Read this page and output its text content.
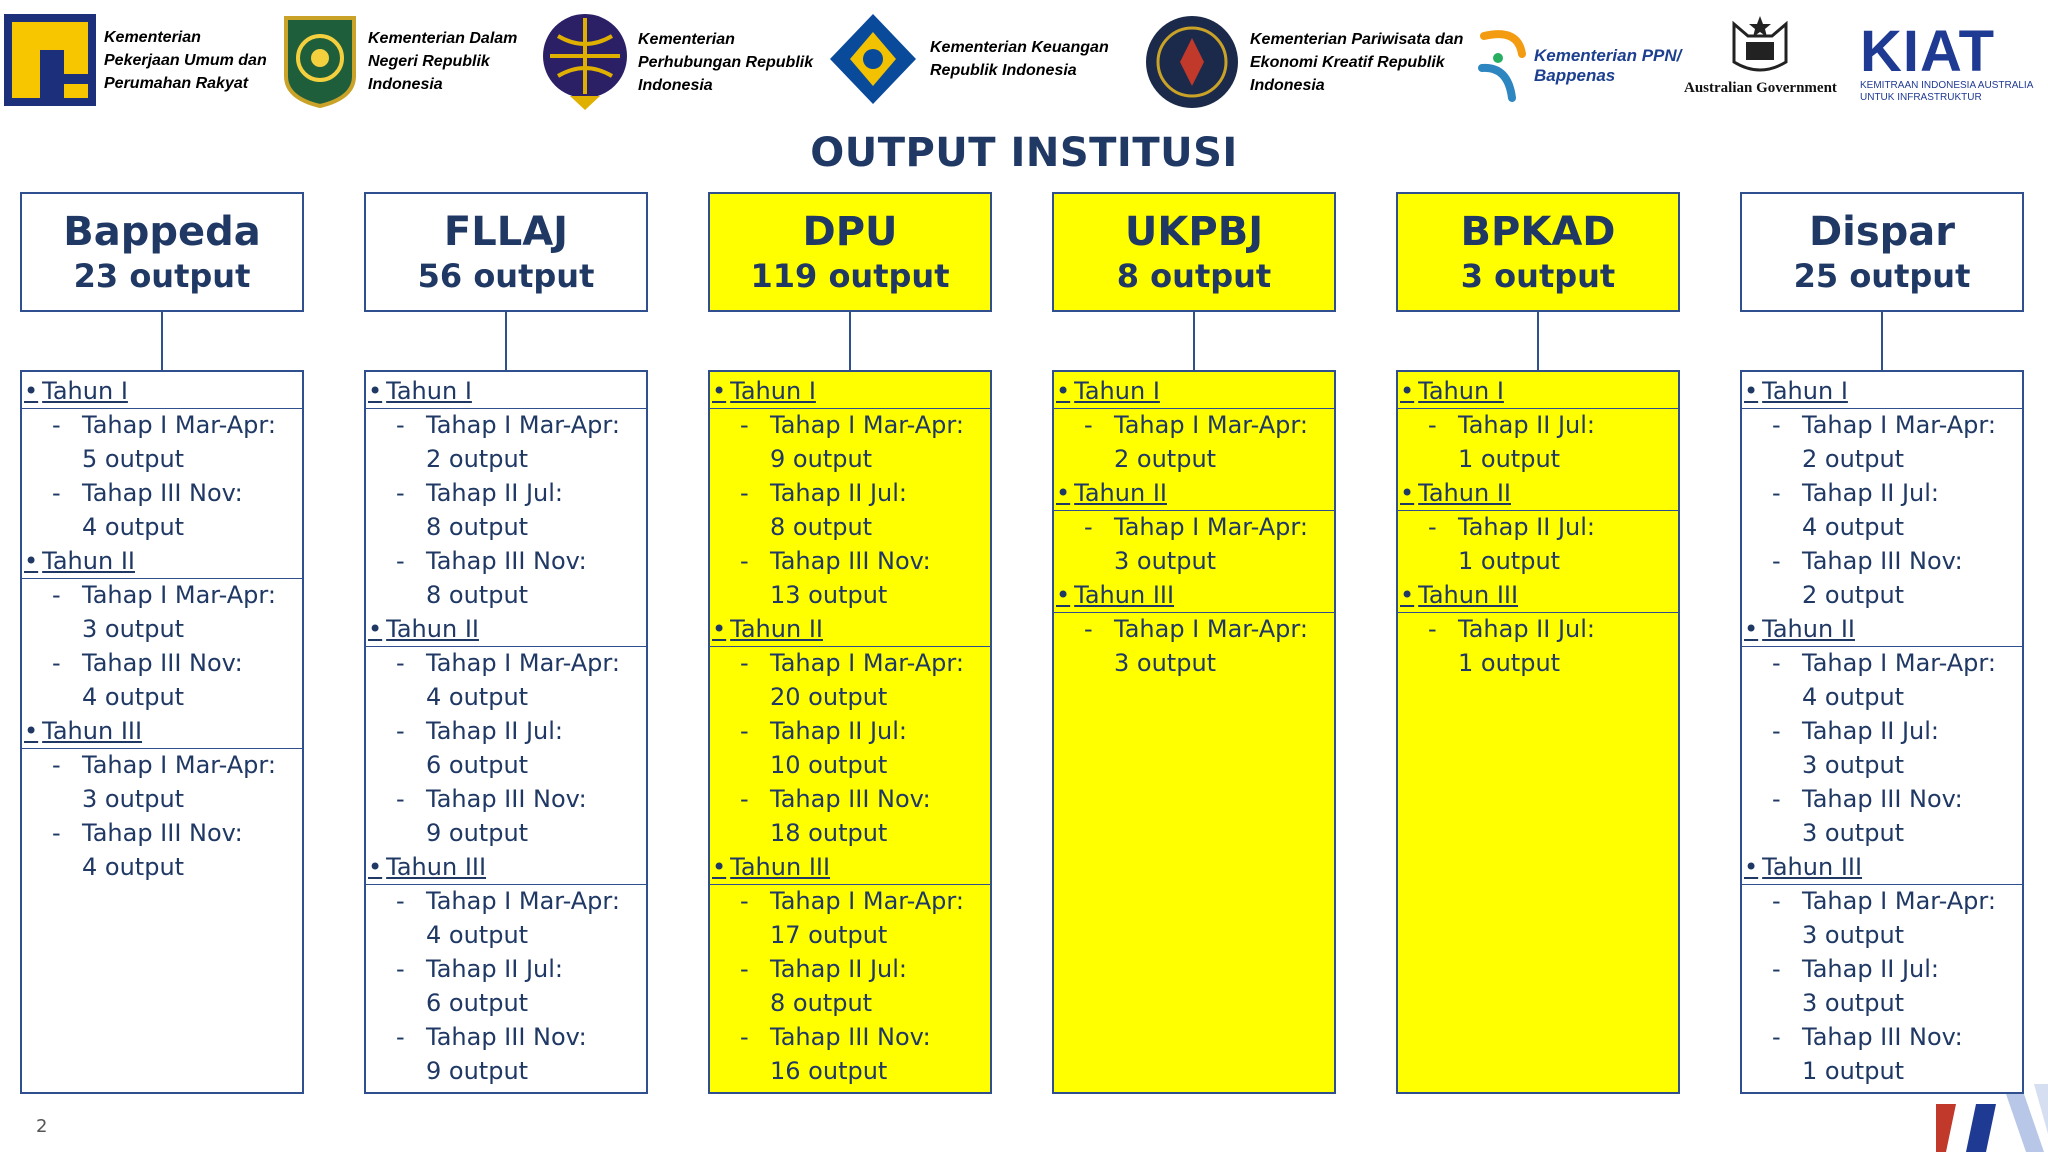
Kementerian
Pekerjaan Umum dan
Perumahan Rakyat
Kementerian Dalam
Negeri Republik
Indonesia
Kementerian
Perhubungan Republik
Indonesia
Kementerian Keuangan
Republik Indonesia
Kementerian Pariwisata dan
Ekonomi Kreatif Republik
Indonesia
Kementerian PPN/
Bappenas
Australian Government
KIAT
KEMITRAAN INDONESIA AUSTRALIA
UNTUK INFRASTRUKTUR
OUTPUT INSTITUSI
Bappeda
23 output
• Tahun I
- Tahap I Mar-Apr:
5 output
- Tahap III Nov:
4 output
• Tahun II
- Tahap I Mar-Apr:
3 output
- Tahap III Nov:
4 output
• Tahun III
- Tahap I Mar-Apr:
3 output
- Tahap III Nov:
4 output
FLLAJ
56 output
• Tahun I
- Tahap I Mar-Apr:
2 output
- Tahap II Jul:
8 output
- Tahap III Nov:
8 output
• Tahun II
- Tahap I Mar-Apr:
4 output
- Tahap II Jul:
6 output
- Tahap III Nov:
9 output
• Tahun III
- Tahap I Mar-Apr:
4 output
- Tahap II Jul:
6 output
- Tahap III Nov:
9 output
DPU
119 output
• Tahun I
- Tahap I Mar-Apr:
9 output
- Tahap II Jul:
8 output
- Tahap III Nov:
13 output
• Tahun II
- Tahap I Mar-Apr:
20 output
- Tahap II Jul:
10 output
- Tahap III Nov:
18 output
• Tahun III
- Tahap I Mar-Apr:
17 output
- Tahap II Jul:
8 output
- Tahap III Nov:
16 output
UKPBJ
8 output
• Tahun I
- Tahap I Mar-Apr:
2 output
• Tahun II
- Tahap I Mar-Apr:
3 output
• Tahun III
- Tahap I Mar-Apr:
3 output
BPKAD
3 output
• Tahun I
- Tahap II Jul:
1 output
• Tahun II
- Tahap II Jul:
1 output
• Tahun III
- Tahap II Jul:
1 output
Dispar
25 output
• Tahun I
- Tahap I Mar-Apr:
2 output
- Tahap II Jul:
4 output
- Tahap III Nov:
2 output
• Tahun II
- Tahap I Mar-Apr:
4 output
- Tahap II Jul:
3 output
- Tahap III Nov:
3 output
• Tahun III
- Tahap I Mar-Apr:
3 output
- Tahap II Jul:
3 output
- Tahap III Nov:
1 output
2
